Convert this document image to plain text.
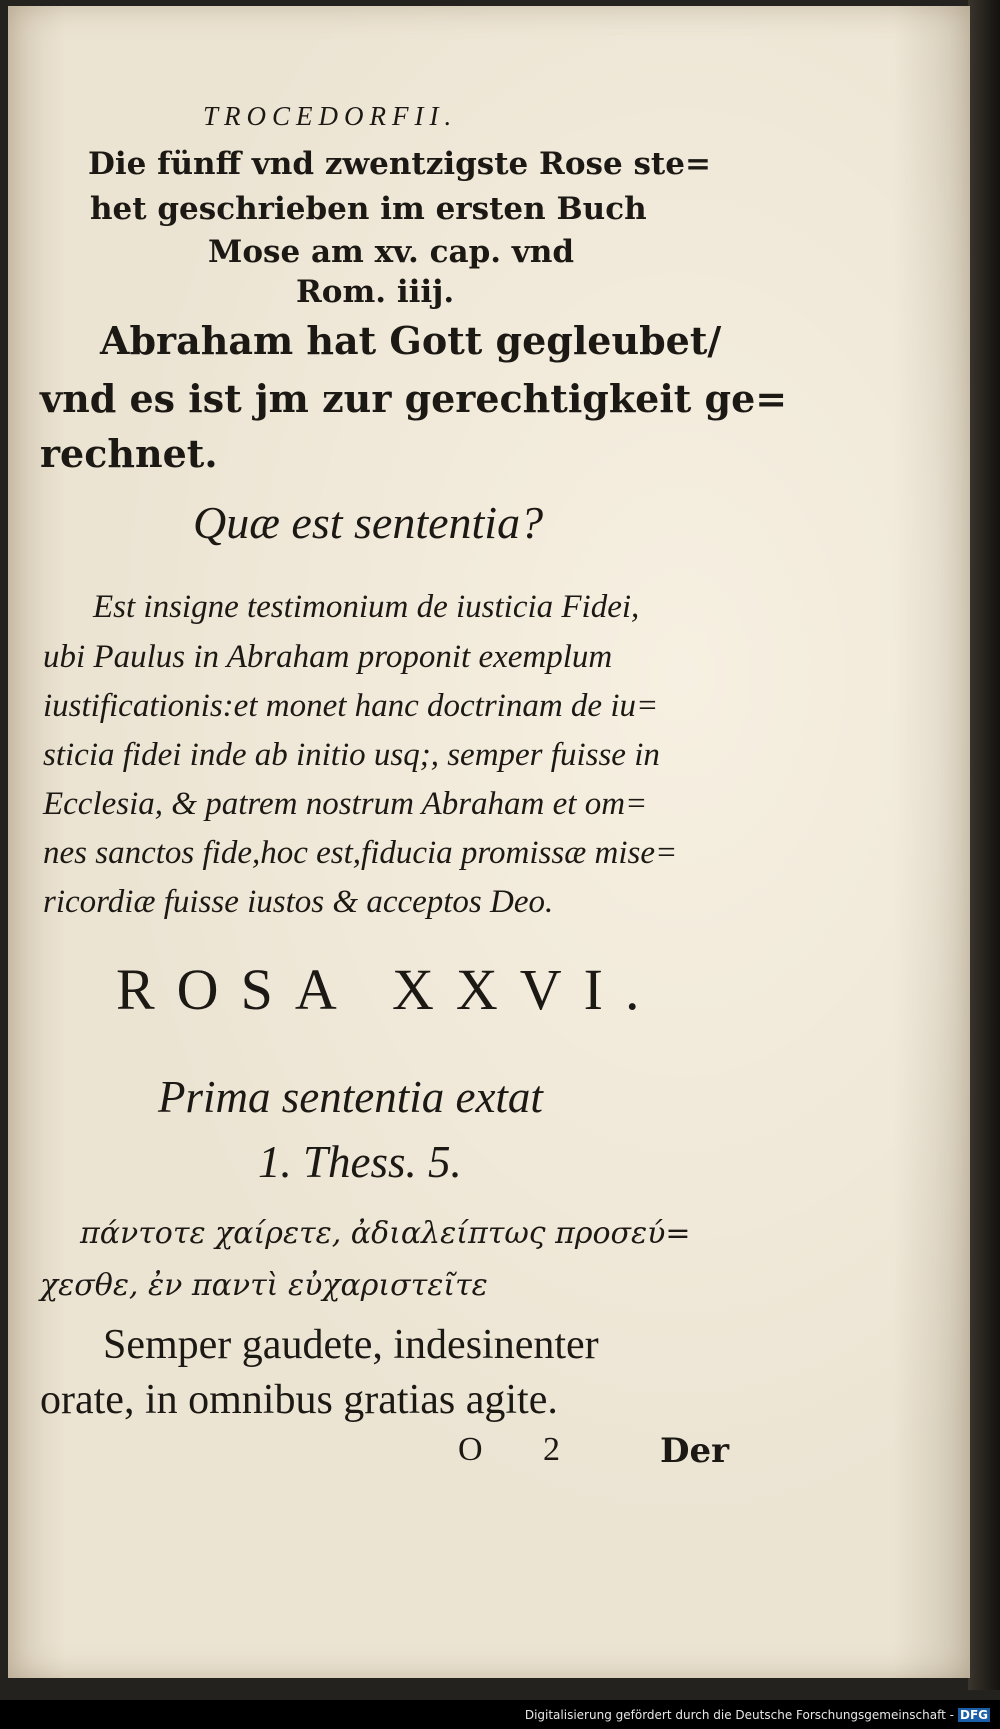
TROCEDORFII.
Die fünff vnd zwentzigste Rose ste=
het geschrieben im ersten Buch
Mose am xv. cap. vnd
Rom. iiij.
Abraham hat Gott gegleubet/
vnd es ist jm zur gerechtigkeit ge=
rechnet.
Quæ est sententia?
Est insigne testimonium de iusticia Fidei,
ubi Paulus in Abraham proponit exemplum
iustificationis:et monet hanc doctrinam de iu=
sticia fidei inde ab initio usq;, semper fuisse in
Ecclesia, & patrem nostrum Abraham et om=
nes sanctos fide,hoc est,fiducia promissæ mise=
ricordiæ fuisse iustos & acceptos Deo.
ROSA XXVI.
Prima sententia extat
1. Thess. 5.
πάντοτε χαίρετε, ἀδιαλείπτως προσεύ=
χεσθε, ἐν παντὶ εὐχαριστεῖτε
Semper gaudete, indesinenter
orate, in omnibus gratias agite.
O 2 Der
Digitalisierung gefördert durch die Deutsche Forschungsgemeinschaft - DFG
